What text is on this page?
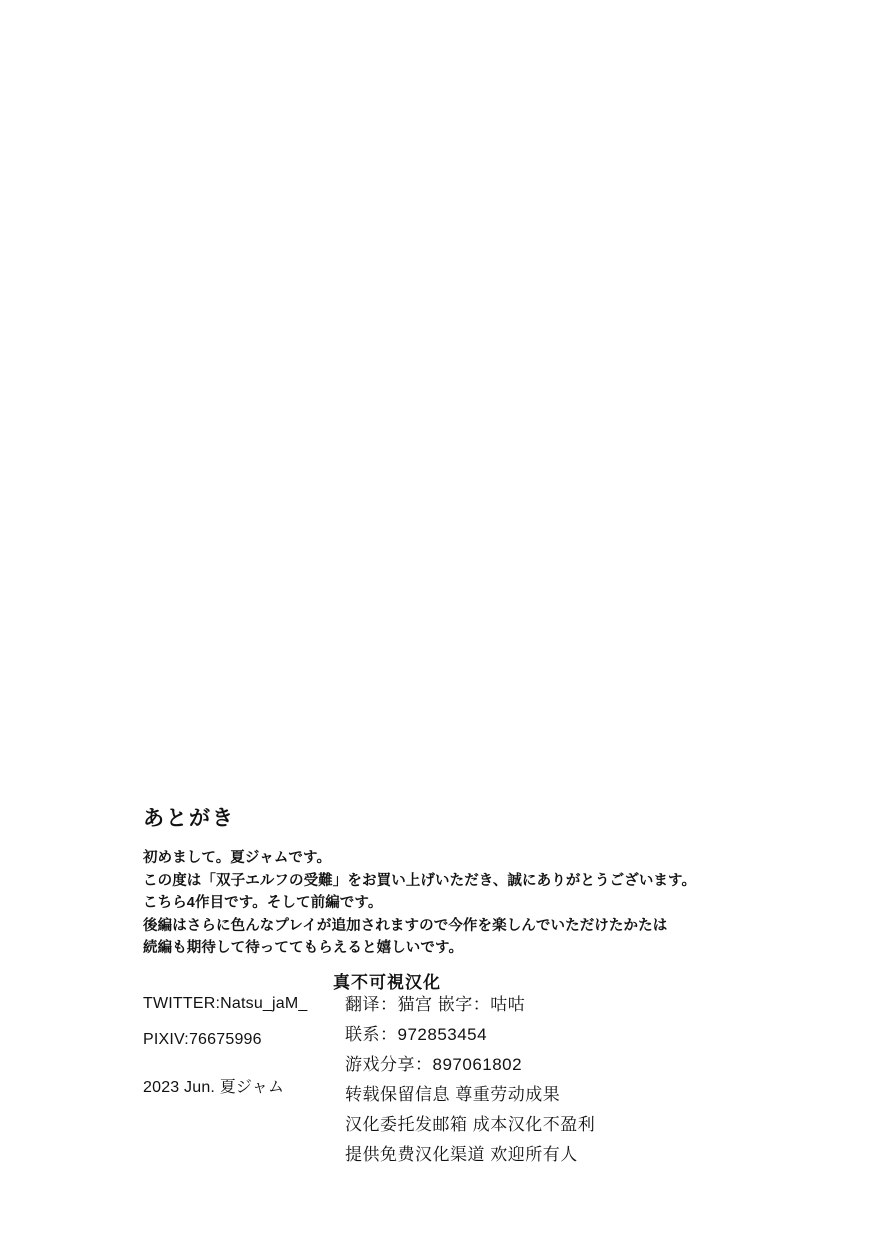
あとがき

初めまして。夏ジャムです。

この度は「双子エルフの受難」をお買い上げいただき、誠にありがとうございます。

こちら4作目です。そして前編です。

後編はさらに色んなプレイが追加されますので今作を楽しんでいただけたかたは

続編も期待して待っててもらえると嬉しいです。

真不可視汉化
TWITTER:Natsu_jaM_
PIXIV:76675996
2023 Jun. 夏ジャム
翻译：猫宫 嵌字：咕咕
联系：972853454
游戏分享：897061802
转载保留信息 尊重劳动成果
汉化委托发邮箱 成本汉化不盈利
提供免费汉化渠道 欢迎所有人
